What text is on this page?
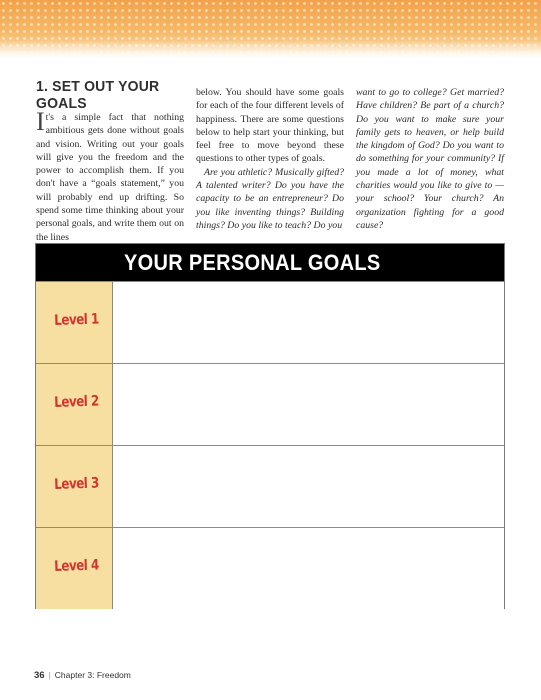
1. SET OUT YOUR GOALS

It's a simple fact that nothing ambitious gets done without goals and vision. Writing out your goals will give you the freedom and the power to accomplish them. If you don't have a “goals statement,” you will probably end up drifting. So spend some time thinking about your personal goals, and write them out on the lines

below. You should have some goals for each of the four different levels of happiness. There are some questions below to help start your thinking, but feel free to move beyond these questions to other types of goals.

Are you athletic? Musically gifted? A talented writer? Do you have the capacity to be an entrepreneur? Do you like inventing things? Building things? Do you like to teach? Do you

want to go to college? Get married? Have children? Be part of a church? Do you want to make sure your family gets to heaven, or help build the kingdom of God? Do you want to do something for your community? If you made a lot of money, what charities would you like to give to — your school? Your church? An organization fighting for a good cause?

YOUR PERSONAL GOALS
Level 1
Level 2
Level 3
Level 4
36 | Chapter 3: Freedom
